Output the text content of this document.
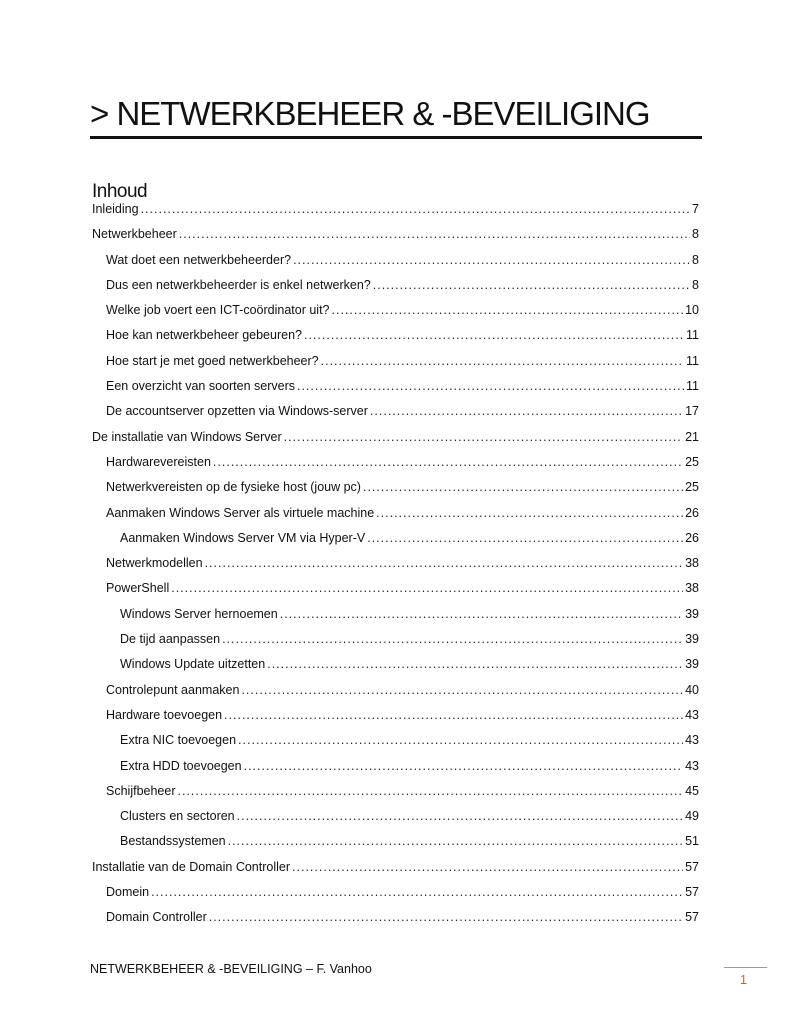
> NETWERKBEHEER & -BEVEILIGING
Inhoud
Inleiding .....	7
Netwerkbeheer .....	8
Wat doet een netwerkbeheerder? .....	8
Dus een netwerkbeheerder is enkel netwerken? .....	8
Welke job voert een ICT-coördinator uit? .....	10
Hoe kan netwerkbeheer gebeuren? .....	11
Hoe start je met goed netwerkbeheer? .....	11
Een overzicht van soorten servers .....	11
De accountserver opzetten via Windows-server .....	17
De installatie van Windows Server .....	21
Hardwarevereisten .....	25
Netwerkvereisten op de fysieke host (jouw pc) .....	25
Aanmaken Windows Server als virtuele machine .....	26
Aanmaken Windows Server VM via Hyper-V .....	26
Netwerkmodellen .....	38
PowerShell .....	38
Windows Server hernoemen .....	39
De tijd aanpassen .....	39
Windows Update uitzetten .....	39
Controlepunt aanmaken .....	40
Hardware toevoegen .....	43
Extra NIC toevoegen .....	43
Extra HDD toevoegen .....	43
Schijfbeheer .....	45
Clusters en sectoren .....	49
Bestandssystemen .....	51
Installatie van de Domain Controller .....	57
Domein .....	57
Domain Controller .....	57
NETWERKBEHEER & -BEVEILIGING – F. Vanhoo
1
